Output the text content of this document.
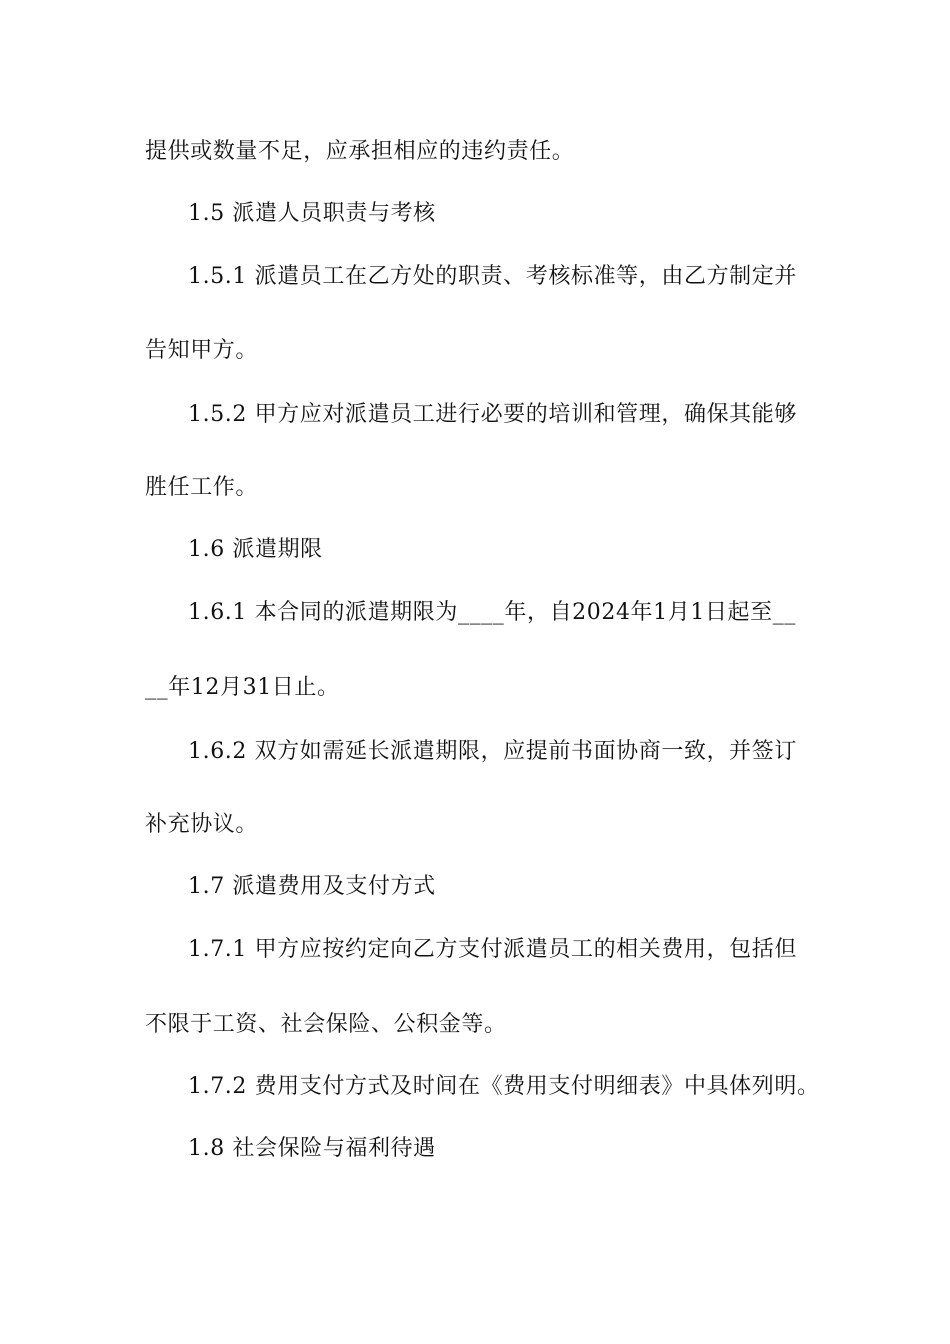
提供或数量不足，应承担相应的违约责任。
1.5 派遣人员职责与考核
1.5.1 派遣员工在乙方处的职责、考核标准等，由乙方制定并
告知甲方。
1.5.2 甲方应对派遣员工进行必要的培训和管理，确保其能够
胜任工作。
1.6 派遣期限
1.6.1 本合同的派遣期限为____年，自2024年1月1日起至__
__年12月31日止。
1.6.2 双方如需延长派遣期限，应提前书面协商一致，并签订
补充协议。
1.7 派遣费用及支付方式
1.7.1 甲方应按约定向乙方支付派遣员工的相关费用，包括但
不限于工资、社会保险、公积金等。
1.7.2 费用支付方式及时间在《费用支付明细表》中具体列明。
1.8 社会保险与福利待遇
